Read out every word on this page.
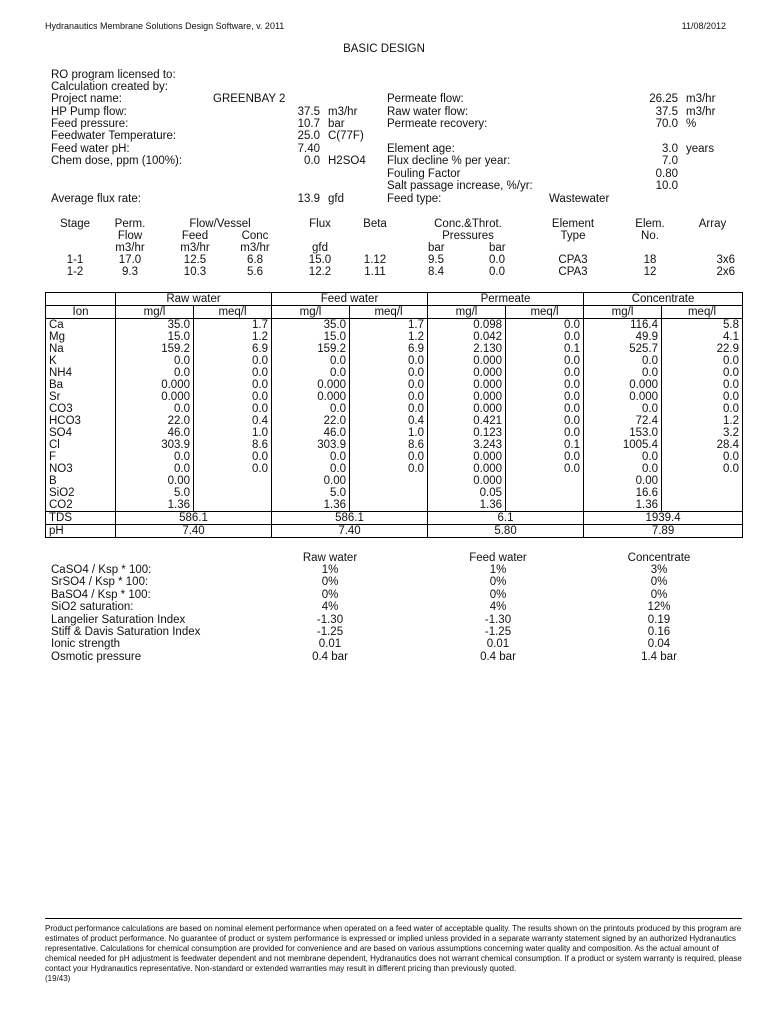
Hydranautics Membrane Solutions Design Software, v. 2011	11/08/2012
BASIC DESIGN
RO program licensed to:
Calculation created by:
Project name:	GREENBAY 2
HP Pump flow:	37.5 m3/hr
Feed pressure:	10.7 bar
Feedwater Temperature:	25.0 C(77F)
Feed water pH:	7.40
Chem dose, ppm (100%):	0.0 H2SO4
Average flux rate:	13.9 gfd
Permeate flow:	26.25 m3/hr
Raw water flow:	37.5 m3/hr
Permeate recovery:	70.0 %
Element age:	3.0 years
Flux decline % per year:	7.0
Fouling Factor	0.80
Salt passage increase, %/yr:	10.0
Feed type:	Wastewater
Stage	Perm.	Flow/Vessel	Flux	Beta	Conc.&Throt.	Element	Elem.	Array
Flow	Feed	Conc	Pressures	Type	No.
m3/hr	m3/hr	m3/hr	gfd	bar	bar
1-1	17.0	12.5	6.8	15.0	1.12	9.5	0.0	CPA3	18	3x6
1-2	9.3	10.3	5.6	12.2	1.11	8.4	0.0	CPA3	12	2x6
	Raw water		Feed water		Permeate		Concentrate	
Ion	mg/l	meq/l	mg/l	meq/l	mg/l	meq/l	mg/l	meq/l
Ca	35.0	1.7	35.0	1.7	0.098	0.0	116.4	5.8
Mg	15.0	1.2	15.0	1.2	0.042	0.0	49.9	4.1
Na	159.2	6.9	159.2	6.9	2.130	0.1	525.7	22.9
K	0.0	0.0	0.0	0.0	0.000	0.0	0.0	0.0
NH4	0.0	0.0	0.0	0.0	0.000	0.0	0.0	0.0
Ba	0.000	0.0	0.000	0.0	0.000	0.0	0.000	0.0
Sr	0.000	0.0	0.000	0.0	0.000	0.0	0.000	0.0
CO3	0.0	0.0	0.0	0.0	0.000	0.0	0.0	0.0
HCO3	22.0	0.4	22.0	0.4	0.421	0.0	72.4	1.2
SO4	46.0	1.0	46.0	1.0	0.123	0.0	153.0	3.2
Cl	303.9	8.6	303.9	8.6	3.243	0.1	1005.4	28.4
F	0.0	0.0	0.0	0.0	0.000	0.0	0.0	0.0
NO3	0.0	0.0	0.0	0.0	0.000	0.0	0.0	0.0
B	0.00		0.00		0.000		0.00	
SiO2	5.0		5.0		0.05		16.6	
CO2	1.36		1.36		1.36		1.36	
TDS	586.1		586.1		6.1		1939.4	
pH	7.40		7.40		5.80		7.89	
Raw water	Feed water	Concentrate
CaSO4 / Ksp * 100:	1%	1%	3%
SrSO4 / Ksp * 100:	0%	0%	0%
BaSO4 / Ksp * 100:	0%	0%	0%
SiO2 saturation:	4%	4%	12%
Langelier Saturation Index	-1.30	-1.30	0.19
Stiff & Davis Saturation Index	-1.25	-1.25	0.16
Ionic strength	0.01	0.01	0.04
Osmotic pressure	0.4 bar	0.4 bar	1.4 bar
Product performance calculations are based on nominal element performance when operated on a feed water of acceptable quality. The results shown on the printouts produced by this program are estimates of product performance. No guarantee of product or system performance is expressed or implied unless provided in a separate warranty statement signed by an authorized Hydranautics representative. Calculations for chemical consumption are provided for convenience and are based on various assumptions concerning water quality and composition. As the actual amount of chemical needed for pH adjustment is feedwater dependent and not membrane dependent, Hydranautics does not warrant chemical consumption. If a product or system warranty is required, please contact your Hydranautics representative. Non-standard or extended warranties may result in different pricing than previously quoted.
(19/43)
